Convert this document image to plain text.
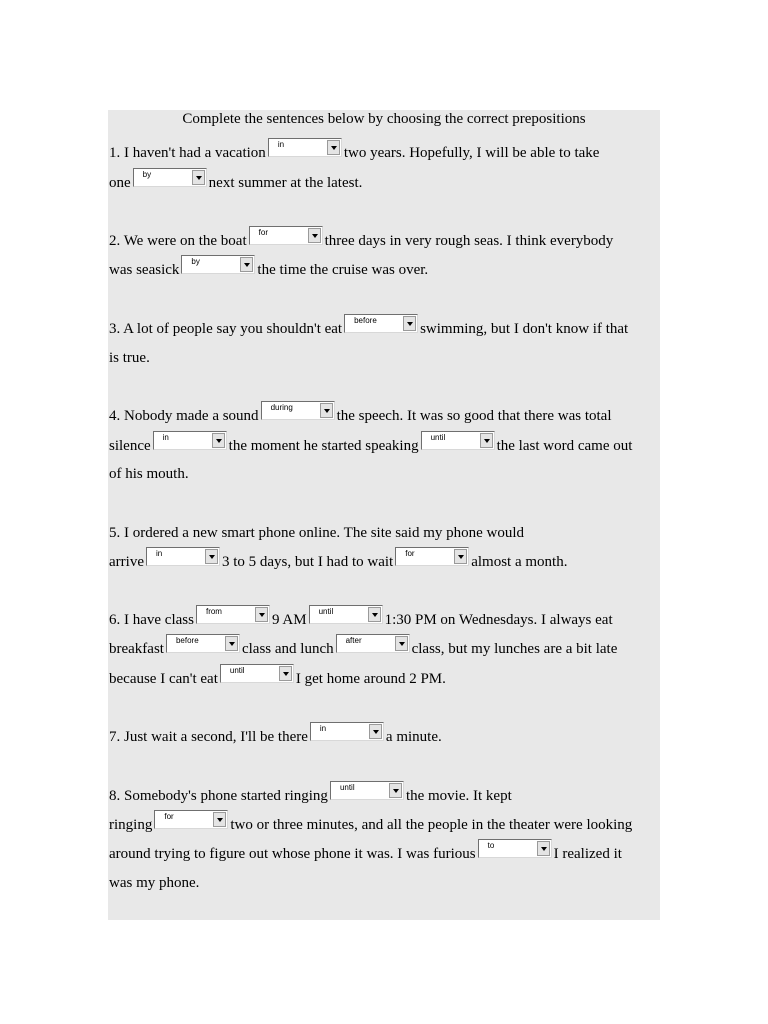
Complete the sentences below by choosing the correct prepositions
1. I haven't had a vacation
in
two years. Hopefully, I will be able to take
one
by
next summer at the latest.
2. We were on the boat
for
three days in very rough seas. I think everybody
was seasick
by
the time the cruise was over.
3. A lot of people say you shouldn't eat
before
swimming, but I don't know if that
is true.
4. Nobody made a sound
during
the speech. It was so good that there was total
silence
in
the moment he started speaking
until
the last word came out
of his mouth.
5. I ordered a new smart phone online. The site said my phone would
arrive
in
3 to 5 days, but I had to wait
for
almost a month.
6. I have class
from
9 AM
until
1:30 PM on Wednesdays. I always eat
breakfast
before
class and lunch
after
class, but my lunches are a bit late
because I can't eat
until
I get home around 2 PM.
7. Just wait a second, I'll be there
in
a minute.
8. Somebody's phone started ringing
until
the movie. It kept
ringing
for
two or three minutes, and all the people in the theater were looking
around trying to figure out whose phone it was. I was furious
to
I realized it
was my phone.
